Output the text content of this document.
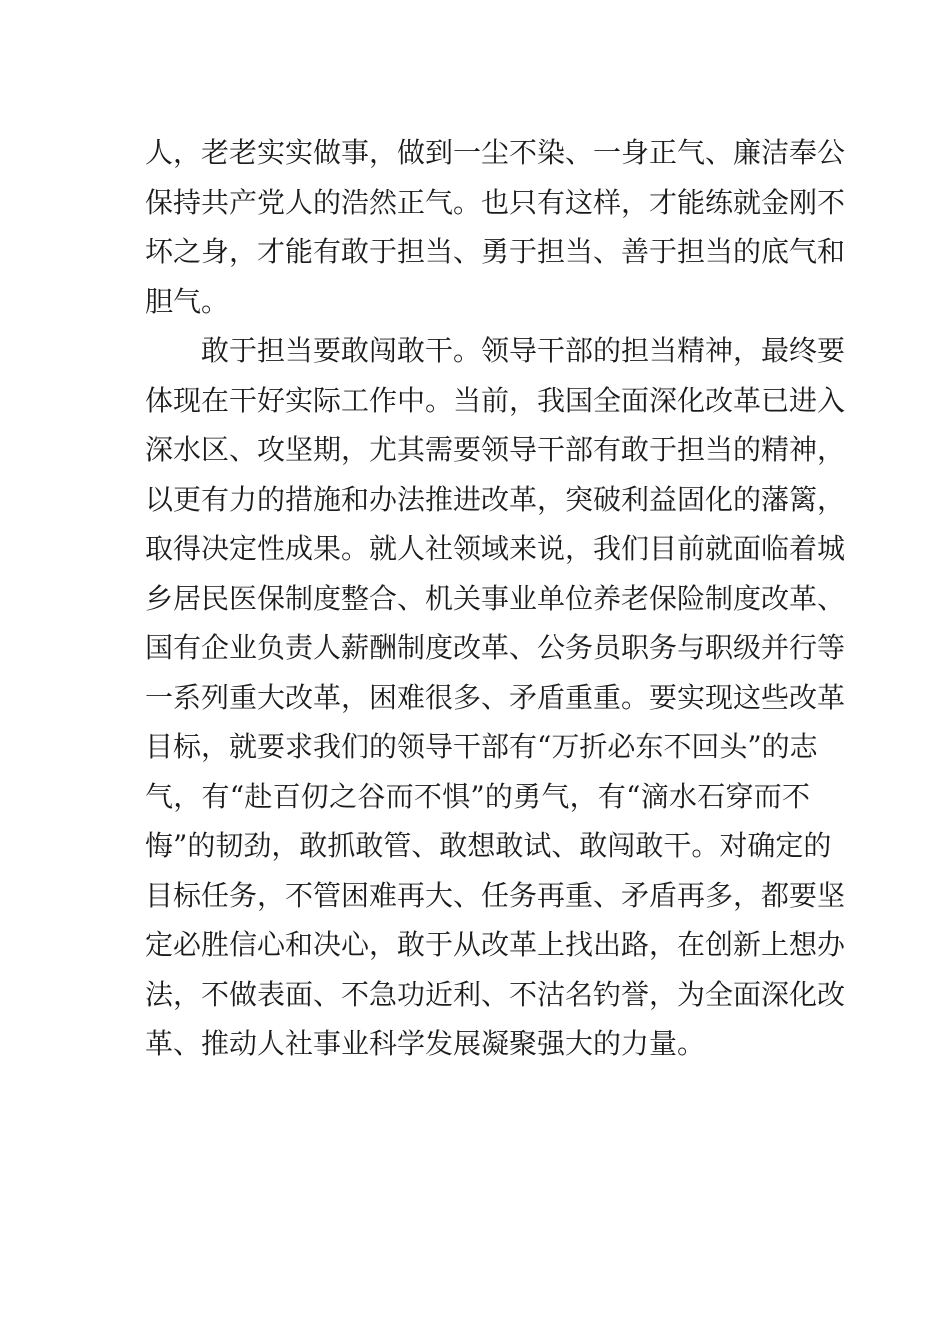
人，老老实实做事，做到一尘不染、一身正气、廉洁奉公
保持共产党人的浩然正气。也只有这样，才能练就金刚不
坏之身，才能有敢于担当、勇于担当、善于担当的底气和
胆气。
敢于担当要敢闯敢干。领导干部的担当精神，最终要
体现在干好实际工作中。当前，我国全面深化改革已进入
深水区、攻坚期，尤其需要领导干部有敢于担当的精神，
以更有力的措施和办法推进改革，突破利益固化的藩篱，
取得决定性成果。就人社领域来说，我们目前就面临着城
乡居民医保制度整合、机关事业单位养老保险制度改革、
国有企业负责人薪酬制度改革、公务员职务与职级并行等
一系列重大改革，困难很多、矛盾重重。要实现这些改革
目标，就要求我们的领导干部有“万折必东不回头”的志
气，有“赴百仞之谷而不惧”的勇气，有“滴水石穿而不
悔”的韧劲，敢抓敢管、敢想敢试、敢闯敢干。对确定的
目标任务，不管困难再大、任务再重、矛盾再多，都要坚
定必胜信心和决心，敢于从改革上找出路，在创新上想办
法，不做表面、不急功近利、不沽名钓誉，为全面深化改
革、推动人社事业科学发展凝聚强大的力量。
